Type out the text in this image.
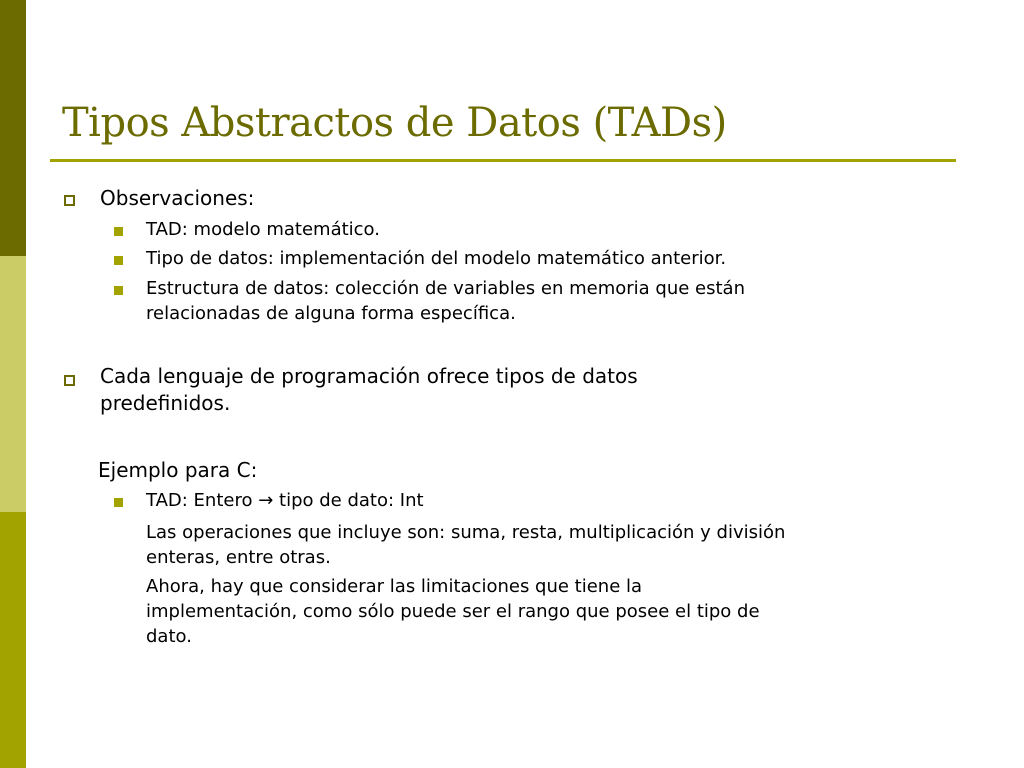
Tipos Abstractos de Datos (TADs)
Observaciones:
TAD: modelo matemático.
Tipo de datos: implementación del modelo matemático anterior.
Estructura de datos: colección de variables en memoria que están
relacionadas de alguna forma específica.
Cada lenguaje de programación ofrece tipos de datos
predefinidos.
Ejemplo para C:
TAD: Entero → tipo de dato: Int
Las operaciones que incluye son: suma, resta, multiplicación y división
enteras, entre otras.
Ahora, hay que considerar las limitaciones que tiene la
implementación, como sólo puede ser el rango que posee el tipo de
dato.
